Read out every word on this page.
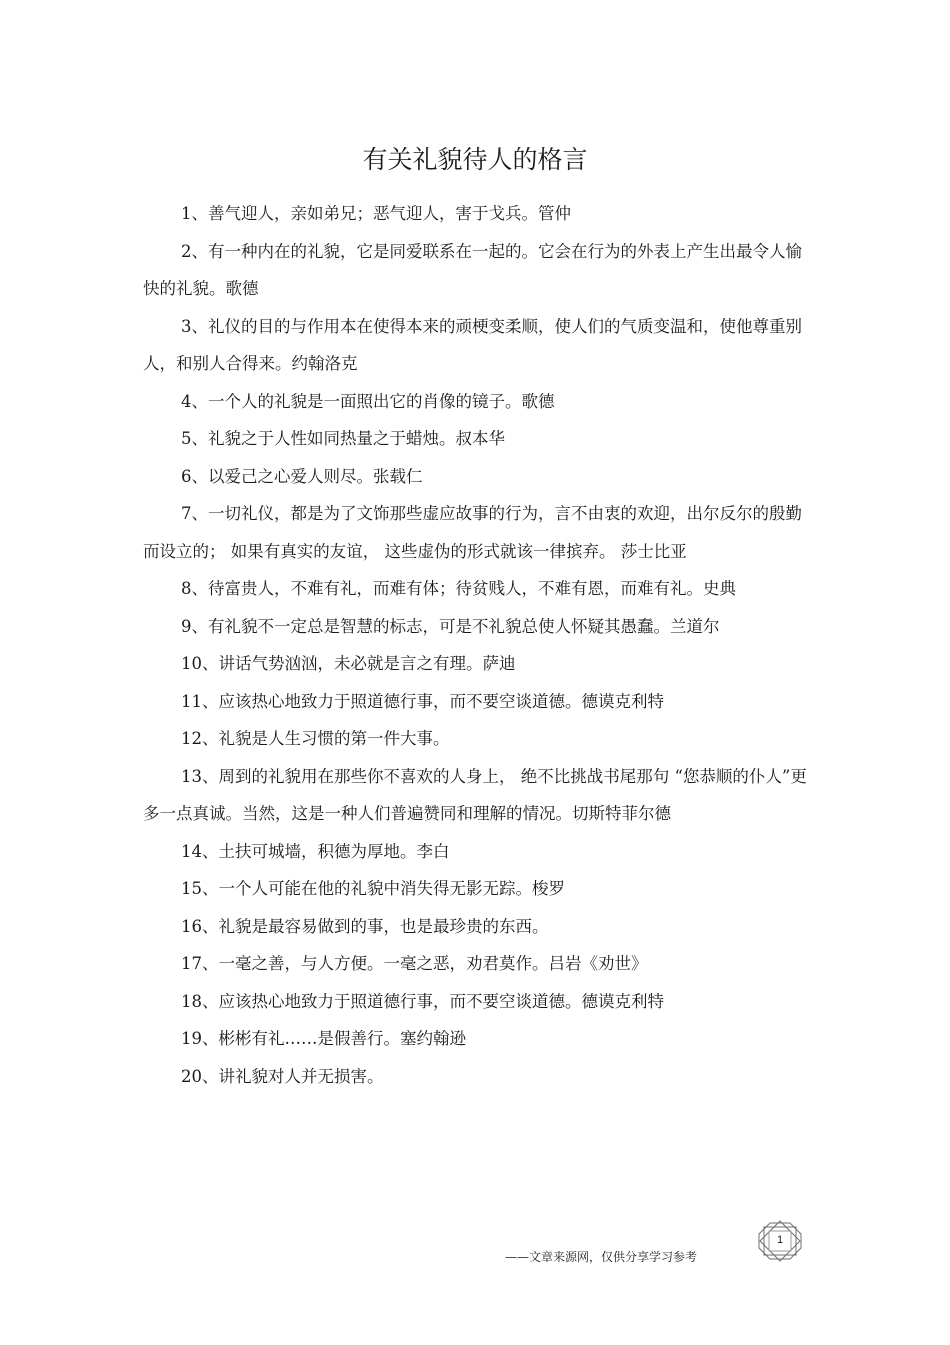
有关礼貌待人的格言

1、善气迎人，亲如弟兄；恶气迎人，害于戈兵。管仲

2、有一种内在的礼貌，它是同爱联系在一起的。它会在行为的外表上产生出最令人愉快的礼貌。歌德

3、礼仪的目的与作用本在使得本来的顽梗变柔顺，使人们的气质变温和，使他尊重别人，和别人合得来。约翰洛克

4、一个人的礼貌是一面照出它的肖像的镜子。歌德

5、礼貌之于人性如同热量之于蜡烛。叔本华

6、以爱己之心爱人则尽。张载仁

7、一切礼仪，都是为了文饰那些虚应故事的行为，言不由衷的欢迎，出尔反尔的殷勤而设立的； 如果有真实的友谊， 这些虚伪的形式就该一律摈弃。 莎士比亚

8、待富贵人，不难有礼，而难有体；待贫贱人，不难有恩，而难有礼。史典

9、有礼貌不一定总是智慧的标志，可是不礼貌总使人怀疑其愚蠢。兰道尔

10、讲话气势汹汹，未必就是言之有理。萨迪

11、应该热心地致力于照道德行事，而不要空谈道德。德谟克利特

12、礼貌是人生习惯的第一件大事。

13、周到的礼貌用在那些你不喜欢的人身上， 绝不比挑战书尾那句 “您恭顺的仆人”更多一点真诚。当然，这是一种人们普遍赞同和理解的情况。切斯特菲尔德

14、土扶可城墙，积德为厚地。李白

15、一个人可能在他的礼貌中消失得无影无踪。梭罗

16、礼貌是最容易做到的事，也是最珍贵的东西。

17、一毫之善，与人方便。一毫之恶，劝君莫作。吕岩《劝世》

18、应该热心地致力于照道德行事，而不要空谈道德。德谟克利特

19、彬彬有礼……是假善行。塞约翰逊

20、讲礼貌对人并无损害。

——文章来源网，仅供分享学习参考
1
